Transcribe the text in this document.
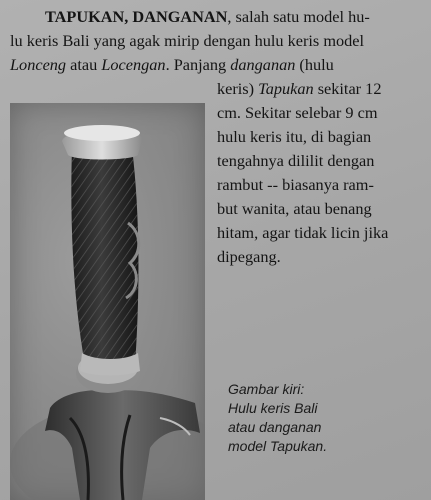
TAPUKAN, DANGANAN, salah satu model hu-
lu keris Bali yang agak mirip dengan hulu keris model
Lonceng atau Locengan. Panjang danganan (hulu
keris) Tapukan sekitar 12
cm. Sekitar selebar 9 cm
hulu keris itu, di bagian
tengahnya dililit dengan
rambut -- biasanya ram-
but wanita, atau benang
hitam, agar tidak licin jika
dipegang.
Gambar kiri:
Hulu keris Bali
atau danganan
model Tapukan.
